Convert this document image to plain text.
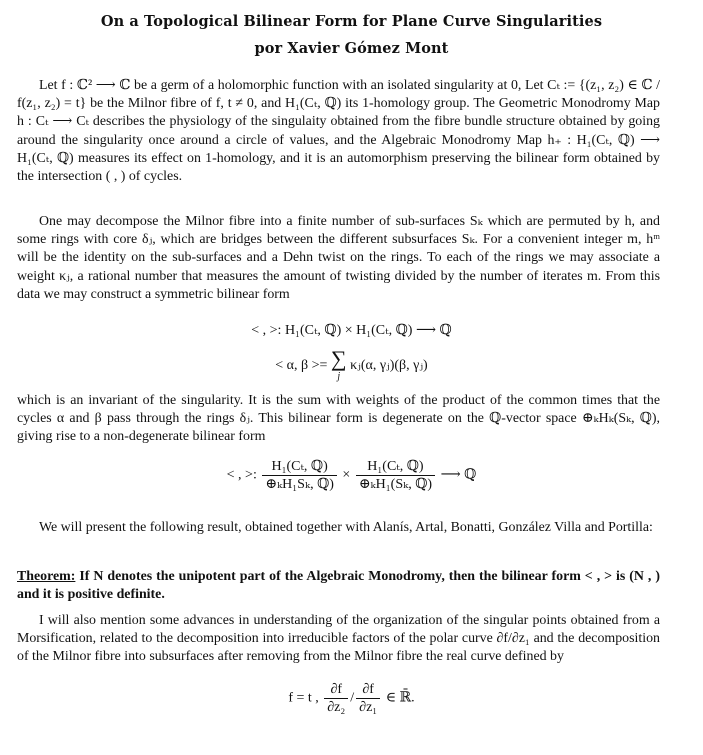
On a Topological Bilinear Form for Plane Curve Singularities
por Xavier Gómez Mont

Let f : ℂ² ⟶ ℂ be a germ of a holomorphic function with an isolated singularity at 0, Let Cₜ := {(z₁, z₂) ∈ ℂ / f(z₁, z₂) = t} be the Milnor fibre of f, t ≠ 0, and H₁(Cₜ, ℚ) its 1-homology group. The Geometric Monodromy Map h : Cₜ ⟶ Cₜ describes the physiology of the singulaity obtained from the fibre bundle structure obtained by going around the singularity once around a circle of values, and the Algebraic Monodromy Map h₊ : H₁(Cₜ, ℚ) ⟶ H₁(Cₜ, ℚ) measures its effect on 1-homology, and it is an automorphism preserving the bilinear form obtained by the intersection ( , ) of cycles.

One may decompose the Milnor fibre into a finite number of sub-surfaces Sₖ which are permuted by h, and some rings with core δⱼ, which are bridges between the different subsurfaces Sₖ. For a convenient integer m, hᵐ will be the identity on the sub-surfaces and a Dehn twist on the rings. To each of the rings we may associate a weight κⱼ, a rational number that measures the amount of twisting divided by the number of iterates m. From this data we may construct a symmetric bilinear form

< , >: H₁(Cₜ, ℚ) × H₁(Cₜ, ℚ) ⟶ ℚ
< α, β >= ∑
j
κⱼ(α, γⱼ)(β, γⱼ)

which is an invariant of the singularity. It is the sum with weights of the product of the common times that the cycles α and β pass through the rings δⱼ. This bilinear form is degenerate on the ℚ-vector space ⊕ₖHₖ(Sₖ, ℚ), giving rise to a non-degenerate bilinear form

< , >: $\frac{\text{H₁(Cₜ, ℚ)}}{\text{⊕ₖH₁Sₖ, ℚ)}} \times \frac{\text{H₁(Cₜ, ℚ)}}{\text{⊕ₖH₁(Sₖ, ℚ)}}$ ⟶ ℚ

We will present the following result, obtained together with Alanís, Artal, Bonatti, González Villa and Portilla:

Theorem: If N denotes the unipotent part of the Algebraic Monodromy, then the bilinear form < , > is (N , ) and it is positive definite.

I will also mention some advances in understanding of the organization of the singular points obtained from a Morsification, related to the decomposition into irreducible factors of the polar curve ∂f/∂z₁ and the decomposition of the Milnor fibre into subsurfaces after removing from the Milnor fibre the real curve defined by

f = t , $\frac{\partial f}{\text{∂z₂}} / \frac{\partial f}{\text{∂z₁}}$ ∈ ℝ̄.
